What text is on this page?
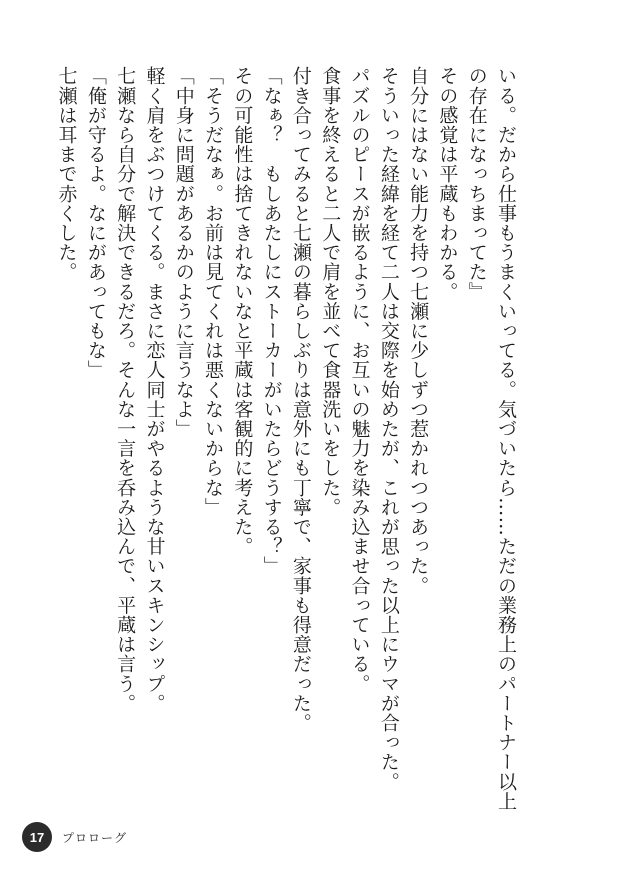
いる。だから仕事もうまくいってる。気づいたら……ただの業務上のパートナー以上

の存在になっちまってた』

その感覚は平蔵もわかる。

自分にはない能力を持つ七瀬に少しずつ惹かれつつあった。

そういった経緯を経て二人は交際を始めたが、これが思った以上にウマが合った。

パズルのピースが嵌るように、お互いの魅力を染み込ませ合っている。

食事を終えると二人で肩を並べて食器洗いをした。

付き合ってみると七瀬の暮らしぶりは意外にも丁寧で、家事も得意だった。

「なぁ？　もしあたしにストーカーがいたらどうする？」

その可能性は捨てきれないなと平蔵は客観的に考えた。

「そうだなぁ。お前は見てくれは悪くないからな」

「中身に問題があるかのように言うなよ」

軽く肩をぶつけてくる。まさに恋人同士がやるような甘いスキンシップ。

七瀬なら自分で解決できるだろ。そんな一言を呑み込んで、平蔵は言う。

「俺が守るよ。なにがあってもな」

七瀬は耳まで赤くした。

17	プロローグ
